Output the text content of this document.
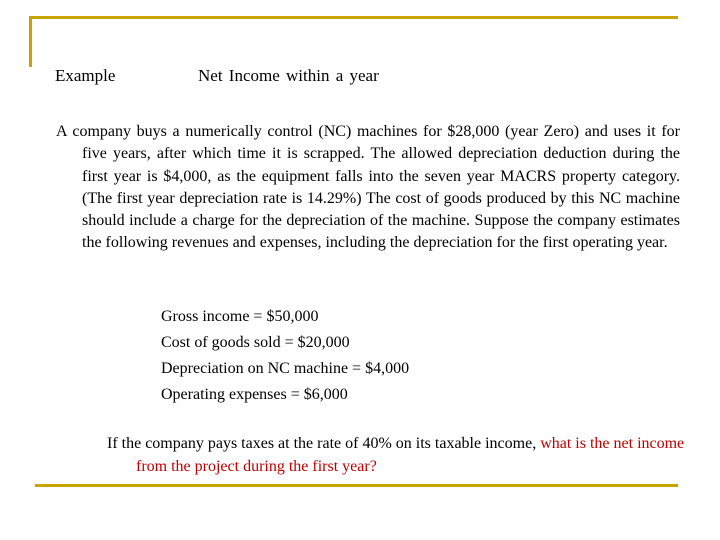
Example	Net Income within a year

A company buys a numerically control (NC) machines for $28,000 (year Zero) and uses it for five years, after which time it is scrapped. The allowed depreciation deduction during the first year is $4,000, as the equipment falls into the seven year MACRS property category. (The first year depreciation rate is 14.29%) The cost of goods produced by this NC machine should include a charge for the depreciation of the machine. Suppose the company estimates the following revenues and expenses, including the depreciation for the first operating year.

Gross income = $50,000
Cost of goods sold = $20,000
Depreciation on NC machine = $4,000
Operating expenses = $6,000

If the company pays taxes at the rate of 40% on its taxable income, what is the net income from the project during the first year?
